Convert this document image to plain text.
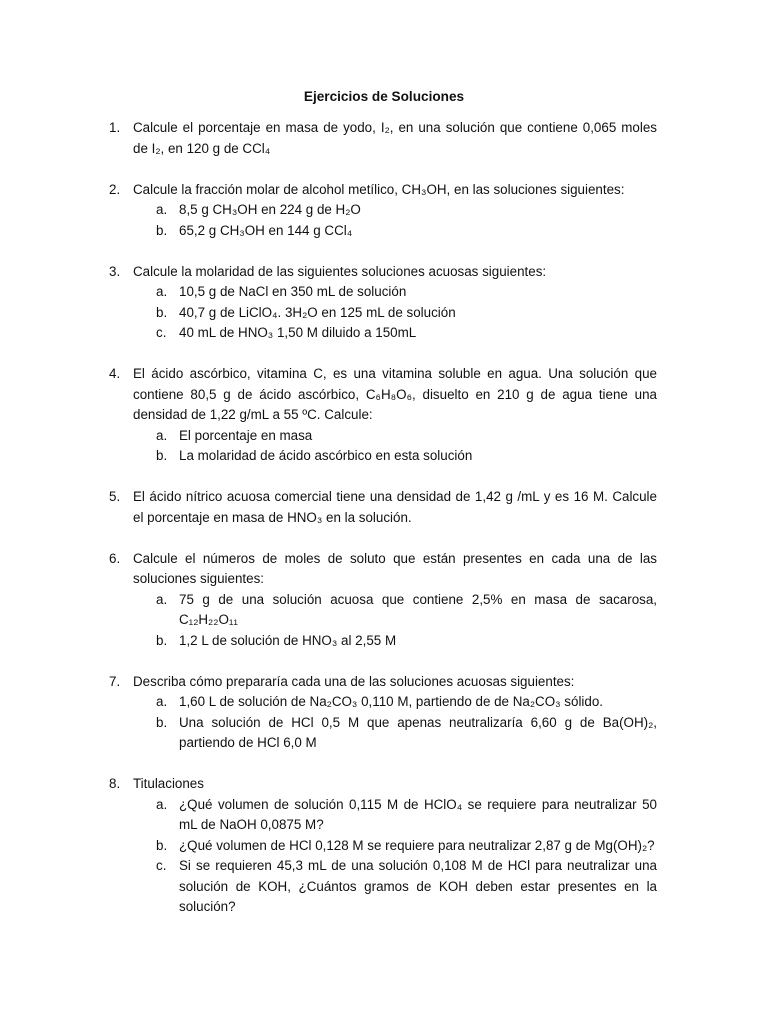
Ejercicios de Soluciones
1. Calcule el porcentaje en masa de yodo, I₂, en una solución que contiene 0,065 moles de I₂, en 120 g de CCl₄
2. Calcule la fracción molar de alcohol metílico, CH₃OH, en las soluciones siguientes:
a. 8,5 g CH₃OH en 224 g de H₂O
b. 65,2 g CH₃OH en 144 g CCl₄
3. Calcule la molaridad de las siguientes soluciones acuosas siguientes:
a. 10,5 g de NaCl en 350 mL de solución
b. 40,7 g de LiClO₄. 3H₂O en 125 mL de solución
c. 40 mL de HNO₃ 1,50 M diluido a 150mL
4. El ácido ascórbico, vitamina C, es una vitamina soluble en agua. Una solución que contiene 80,5 g de ácido ascórbico, C₆H₈O₆, disuelto en 210 g de agua tiene una densidad de 1,22 g/mL a 55 ºC. Calcule:
a. El porcentaje en masa
b. La molaridad de ácido ascórbico en esta solución
5. El ácido nítrico acuosa comercial tiene una densidad de 1,42 g /mL y es 16 M. Calcule el porcentaje en masa de HNO₃ en la solución.
6. Calcule el números de moles de soluto que están presentes en cada una de las soluciones siguientes:
a. 75 g de una solución acuosa que contiene 2,5% en masa de sacarosa, C₁₂H₂₂O₁₁
b. 1,2 L de solución de HNO₃ al 2,55 M
7. Describa cómo prepararía cada una de las soluciones acuosas siguientes:
a. 1,60 L de solución de Na₂CO₃ 0,110 M, partiendo de de Na₂CO₃ sólido.
b. Una solución de HCl 0,5 M que apenas neutralizaría 6,60 g de Ba(OH)₂, partiendo de HCl 6,0 M
8. Titulaciones
a. ¿Qué volumen de solución 0,115 M de HClO₄ se requiere para neutralizar 50 mL de NaOH 0,0875 M?
b. ¿Qué volumen de HCl 0,128 M se requiere para neutralizar 2,87 g de Mg(OH)₂?
c. Si se requieren 45,3 mL de una solución 0,108 M de HCl para neutralizar una solución de KOH, ¿Cuántos gramos de KOH deben estar presentes en la solución?
